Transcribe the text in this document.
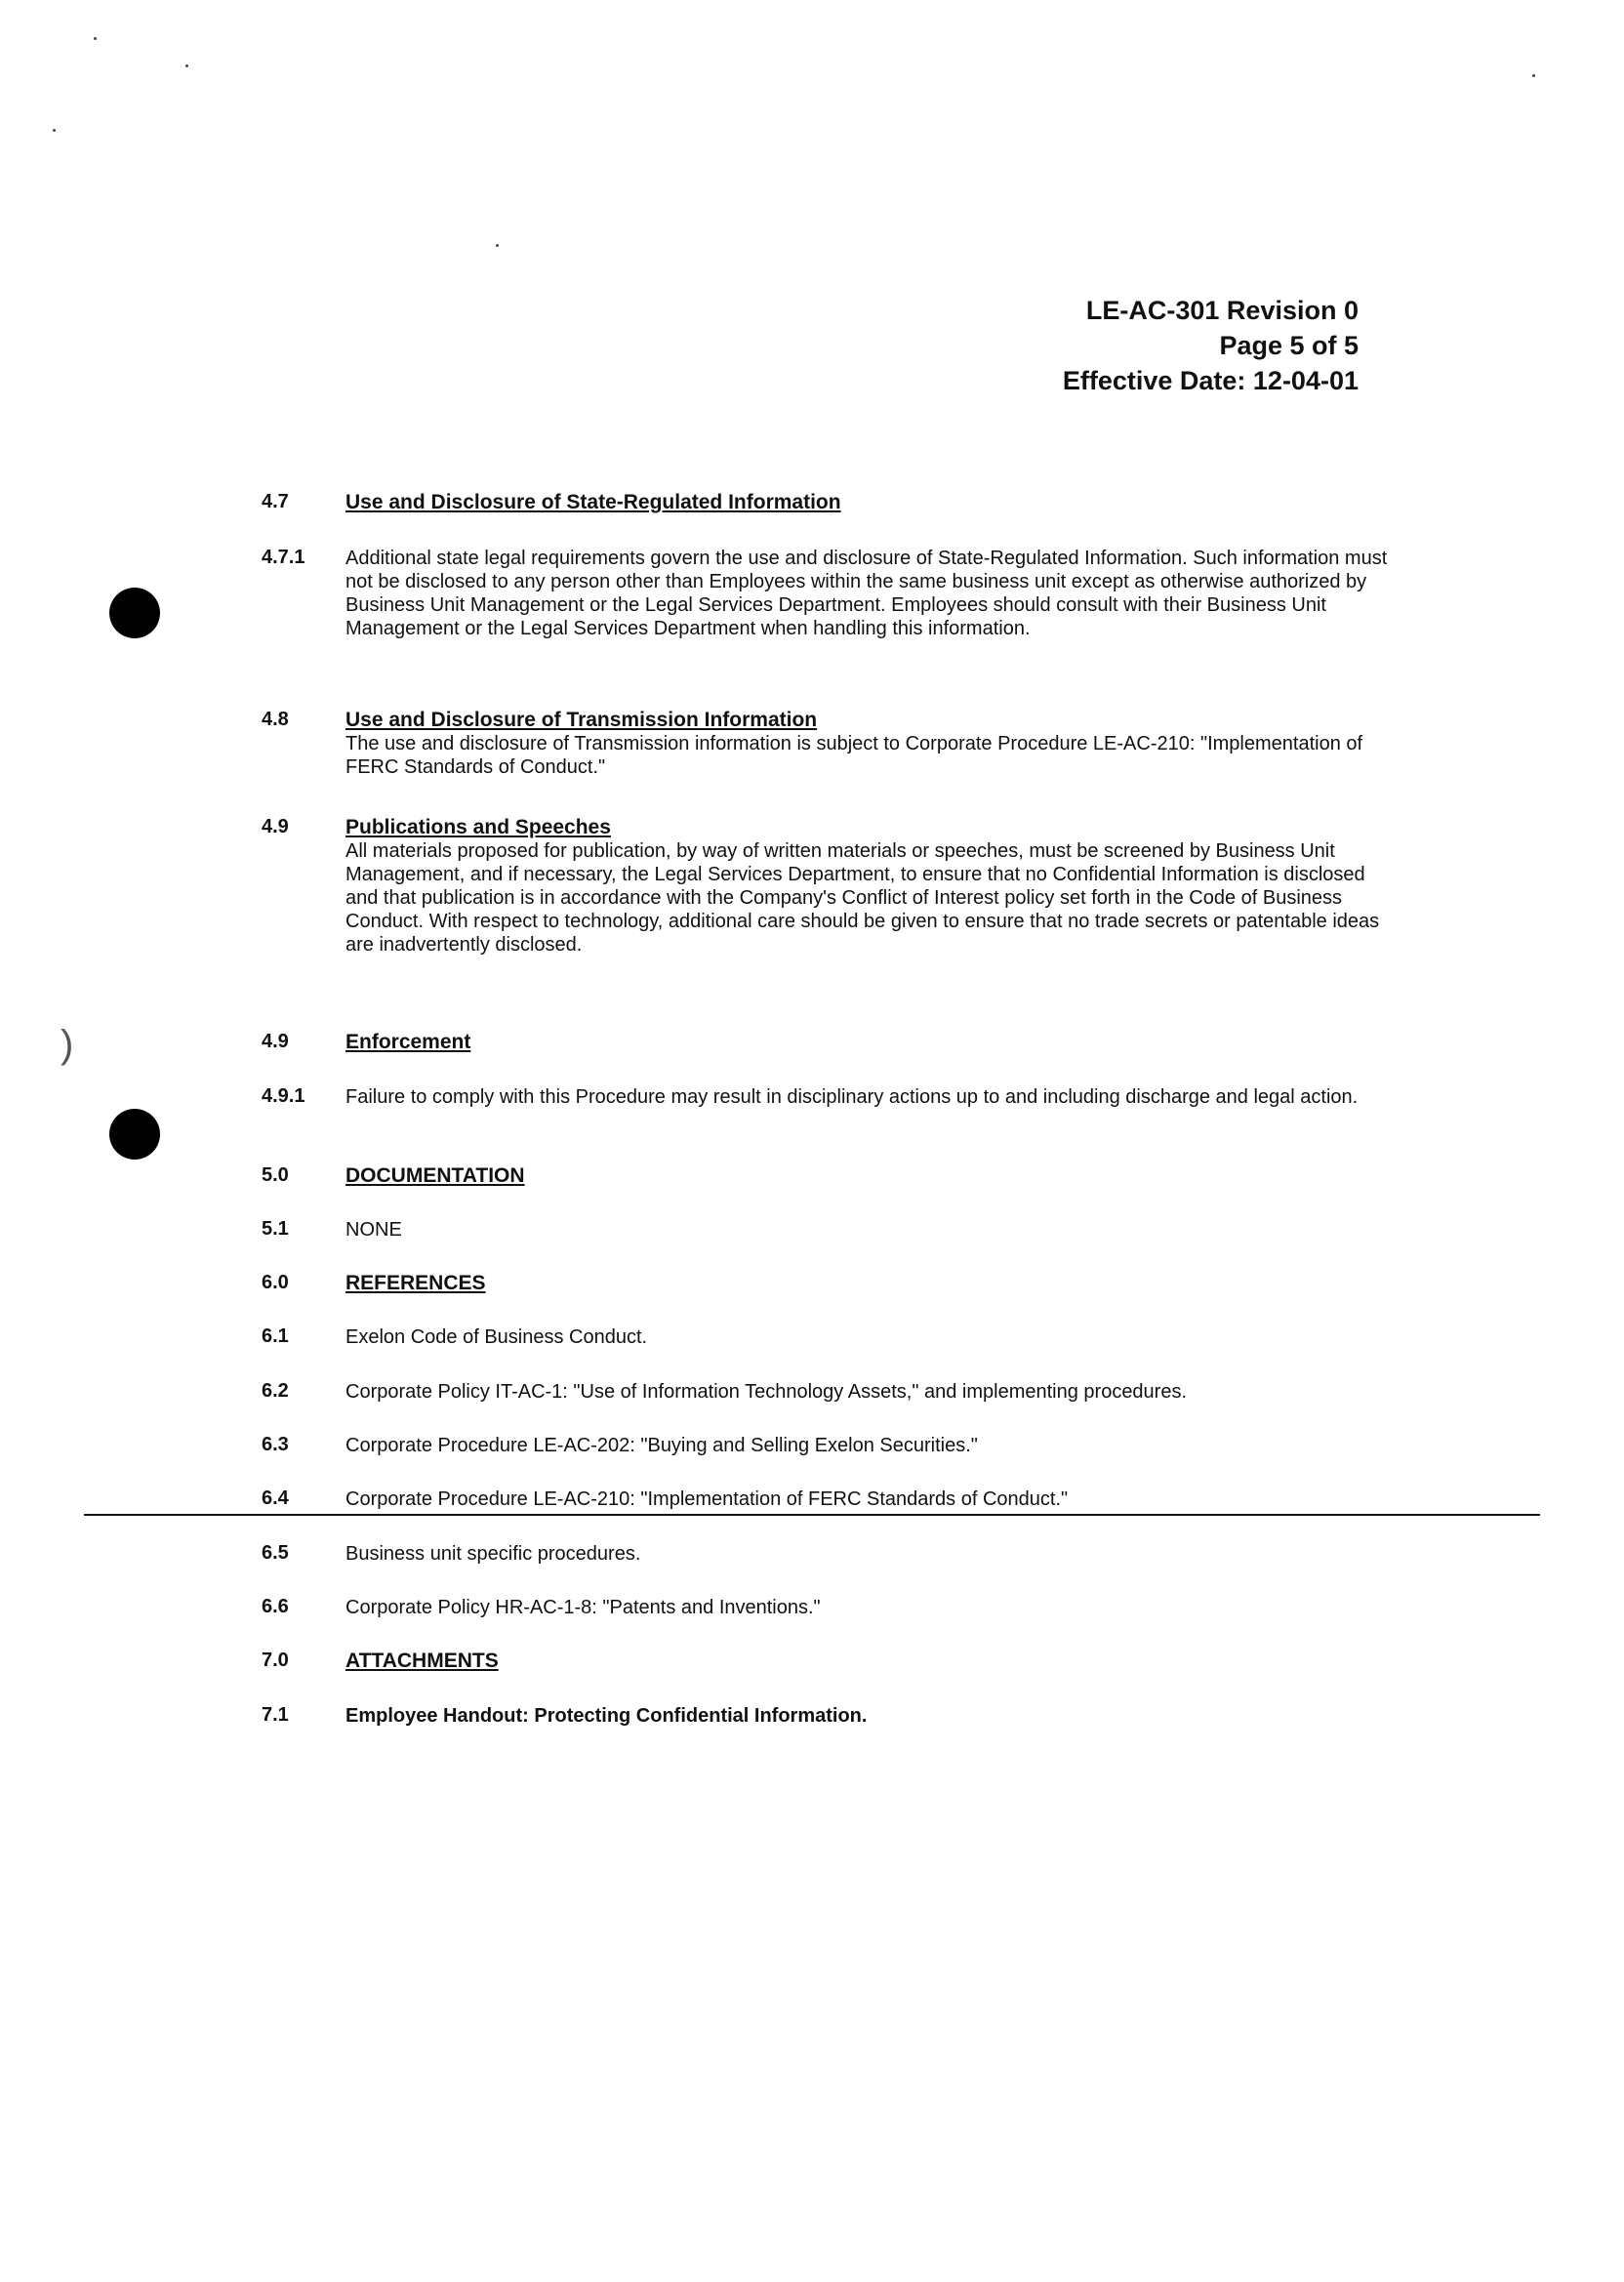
LE-AC-301 Revision 0
Page 5 of 5
Effective Date: 12-04-01
)
4.7	Use and Disclosure of State-Regulated Information
4.7.1 Additional state legal requirements govern the use and disclosure of State-Regulated Information. Such information must not be disclosed to any person other than Employees within the same business unit except as otherwise authorized by Business Unit Management or the Legal Services Department. Employees should consult with their Business Unit Management or the Legal Services Department when handling this information.
4.8	Use and Disclosure of Transmission Information
The use and disclosure of Transmission information is subject to Corporate Procedure LE-AC-210: "Implementation of FERC Standards of Conduct."
4.9	Publications and Speeches
All materials proposed for publication, by way of written materials or speeches, must be screened by Business Unit Management, and if necessary, the Legal Services Department, to ensure that no Confidential Information is disclosed and that publication is in accordance with the Company's Conflict of Interest policy set forth in the Code of Business Conduct. With respect to technology, additional care should be given to ensure that no trade secrets or patentable ideas are inadvertently disclosed.
4.9	Enforcement
4.9.1 Failure to comply with this Procedure may result in disciplinary actions up to and including discharge and legal action.
5.0	DOCUMENTATION
5.1	NONE
6.0	REFERENCES
6.1	Exelon Code of Business Conduct.
6.2	Corporate Policy IT-AC-1: "Use of Information Technology Assets," and implementing procedures.
6.3	Corporate Procedure LE-AC-202: "Buying and Selling Exelon Securities."
6.4	Corporate Procedure LE-AC-210: "Implementation of FERC Standards of Conduct."
6.5	Business unit specific procedures.
6.6	Corporate Policy HR-AC-1-8: "Patents and Inventions."
7.0	ATTACHMENTS
7.1	Employee Handout: Protecting Confidential Information.
